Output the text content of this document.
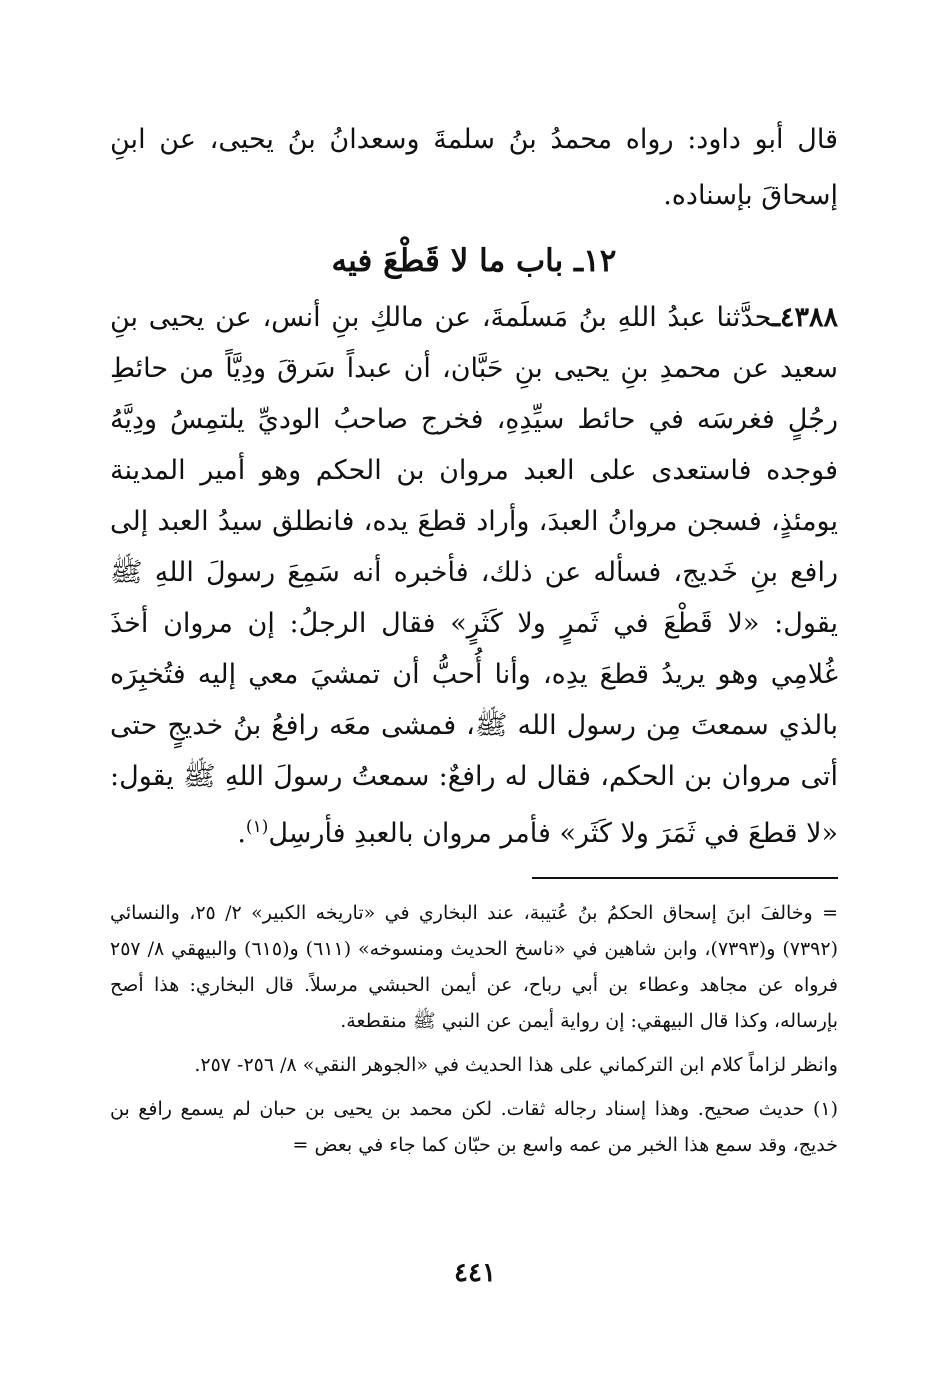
قال أبو داود: رواه محمدُ بنُ سلمةَ وسعدانُ بنُ يحيى، عن ابنِ إسحاقَ بإسناده.

١٢ـ باب ما لا قَطْعَ فيه

٤٣٨٨ـحدَّثنا عبدُ اللهِ بنُ مَسلَمةَ، عن مالكِ بنِ أنس، عن يحيى بنِ سعيد عن محمدِ بنِ يحيى بنِ حَبَّان، أن عبداً سَرقَ ودِيَّاً من حائطِ رجُلٍ فغرسَه في حائط سيِّدِهِ، فخرج صاحبُ الوديِّ يلتمِسُ ودِيَّهُ فوجده فاستعدى على العبد مروان بن الحكم وهو أمير المدينة يومئذٍ، فسجن مروانُ العبدَ، وأراد قطعَ يده، فانطلق سيدُ العبد إلى رافع بنِ خَديج، فسأله عن ذلك، فأخبره أنه سَمِعَ رسولَ اللهِ ﷺ يقول: «لا قَطْعَ في ثَمرٍ ولا كَثَرٍ» فقال الرجلُ: إن مروان أخذَ غُلامِي وهو يريدُ قطعَ يدِه، وأنا أُحبُّ أن تمشيَ معي إليه فتُخبِرَه بالذي سمعتَ مِن رسول الله ﷺ، فمشى معَه رافعُ بنُ خديجٍ حتى أتى مروان بن الحكم، فقال له رافعٌ: سمعتُ رسولَ اللهِ ﷺ يقول: «لا قطعَ في ثَمَرَ ولا كَثَر» فأمر مروان بالعبدِ فأرسِل$^{(١)}$.

= وخالفَ ابنَ إسحاق الحكمُ بنُ عُتيبة، عند البخاري في «تاريخه الكبير» ٢/ ٢٥، والنسائي (٧٣٩٢) و(٧٣٩٣)، وابن شاهين في «ناسخ الحديث ومنسوخه» (٦١١) و(٦١٥) والبيهقي ٨/ ٢٥٧ فرواه عن مجاهد وعطاء بن أبي رباح، عن أيمن الحبشي مرسلاً. قال البخاري: هذا أصح بإرساله، وكذا قال البيهقي: إن رواية أيمن عن النبي ﷺ منقطعة.

وانظر لزاماً كلام ابن التركماني على هذا الحديث في «الجوهر النقي» ٨/ ٢٥٦- ٢٥٧.

(١) حديث صحيح. وهذا إسناد رجاله ثقات. لكن محمد بن يحيى بن حبان لم يسمع رافع بن خديج، وقد سمع هذا الخبر من عمه واسع بن حبّان كما جاء في بعض =

٤٤١
